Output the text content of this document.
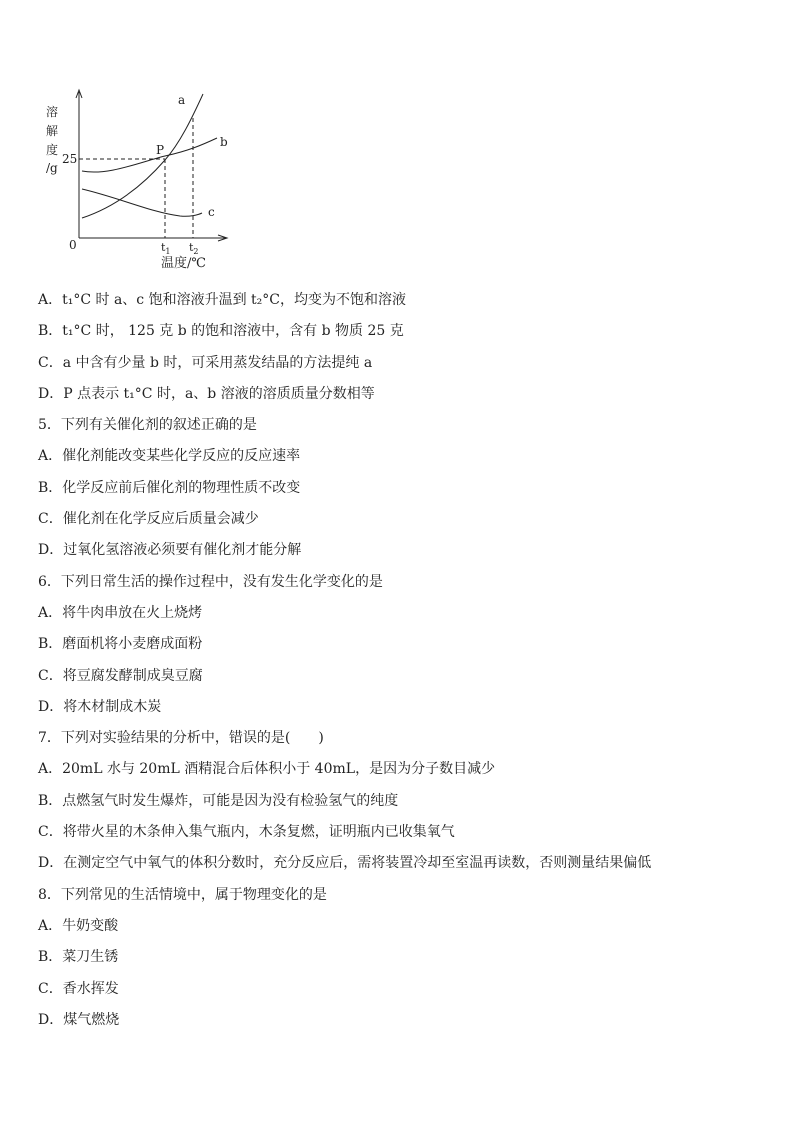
溶
解
度
/g
25
0
P
a
b
c
$t_1$ $t_2$
温度/℃
A．t₁°C 时 a、c 饱和溶液升温到 t₂°C，均变为不饱和溶液
B．t₁°C 时， 125 克 b 的饱和溶液中，含有 b 物质 25 克
C．a 中含有少量 b 时，可采用蒸发结晶的方法提纯 a
D．P 点表示 t₁°C 时，a、b 溶液的溶质质量分数相等
5．下列有关催化剂的叙述正确的是
A．催化剂能改变某些化学反应的反应速率
B．化学反应前后催化剂的物理性质不改变
C．催化剂在化学反应后质量会减少
D．过氧化氢溶液必须要有催化剂才能分解
6．下列日常生活的操作过程中，没有发生化学变化的是
A．将牛肉串放在火上烧烤
B．磨面机将小麦磨成面粉
C．将豆腐发酵制成臭豆腐
D．将木材制成木炭
7．下列对实验结果的分析中，错误的是(　　)
A．20mL 水与 20mL 酒精混合后体积小于 40mL，是因为分子数目减少
B．点燃氢气时发生爆炸，可能是因为没有检验氢气的纯度
C．将带火星的木条伸入集气瓶内，木条复燃，证明瓶内已收集氧气
D．在测定空气中氧气的体积分数时，充分反应后，需将装置冷却至室温再读数，否则测量结果偏低
8．下列常见的生活情境中，属于物理变化的是
A．牛奶变酸
B．菜刀生锈
C．香水挥发
D．煤气燃烧
